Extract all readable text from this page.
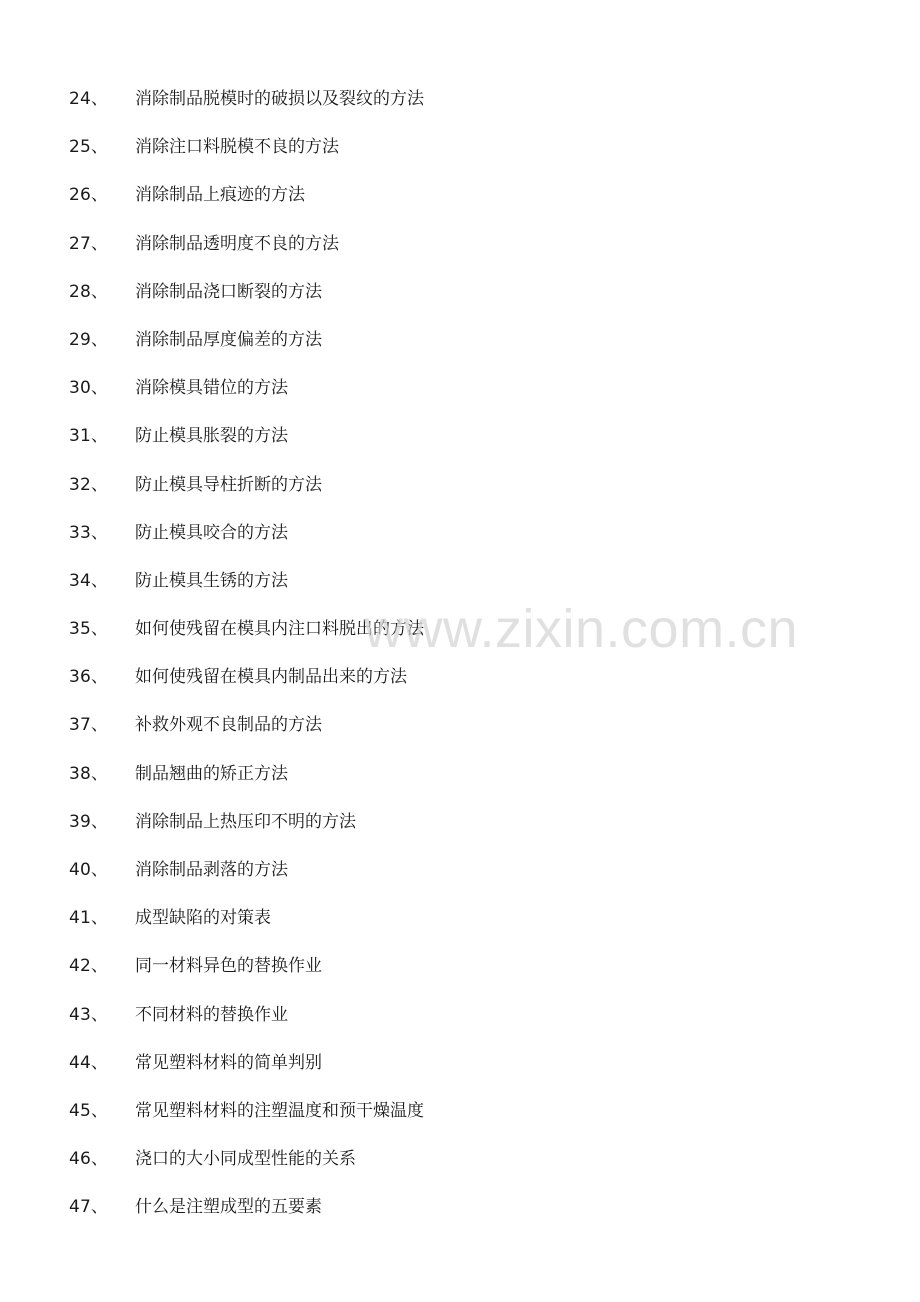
24、 消除制品脱模时的破损以及裂纹的方法
25、 消除注口料脱模不良的方法
26、 消除制品上痕迹的方法
27、 消除制品透明度不良的方法
28、 消除制品浇口断裂的方法
29、 消除制品厚度偏差的方法
30、 消除模具错位的方法
31、 防止模具胀裂的方法
32、 防止模具导柱折断的方法
33、 防止模具咬合的方法
34、 防止模具生锈的方法
35、 如何使残留在模具内注口料脱出的方法
36、 如何使残留在模具内制品出来的方法
37、 补救外观不良制品的方法
38、 制品翘曲的矫正方法
39、 消除制品上热压印不明的方法
40、 消除制品剥落的方法
41、 成型缺陷的对策表
42、 同一材料异色的替换作业
43、 不同材料的替换作业
44、 常见塑料材料的简单判别
45、 常见塑料材料的注塑温度和预干燥温度
46、 浇口的大小同成型性能的关系
47、 什么是注塑成型的五要素
www.zixin.com.cn
